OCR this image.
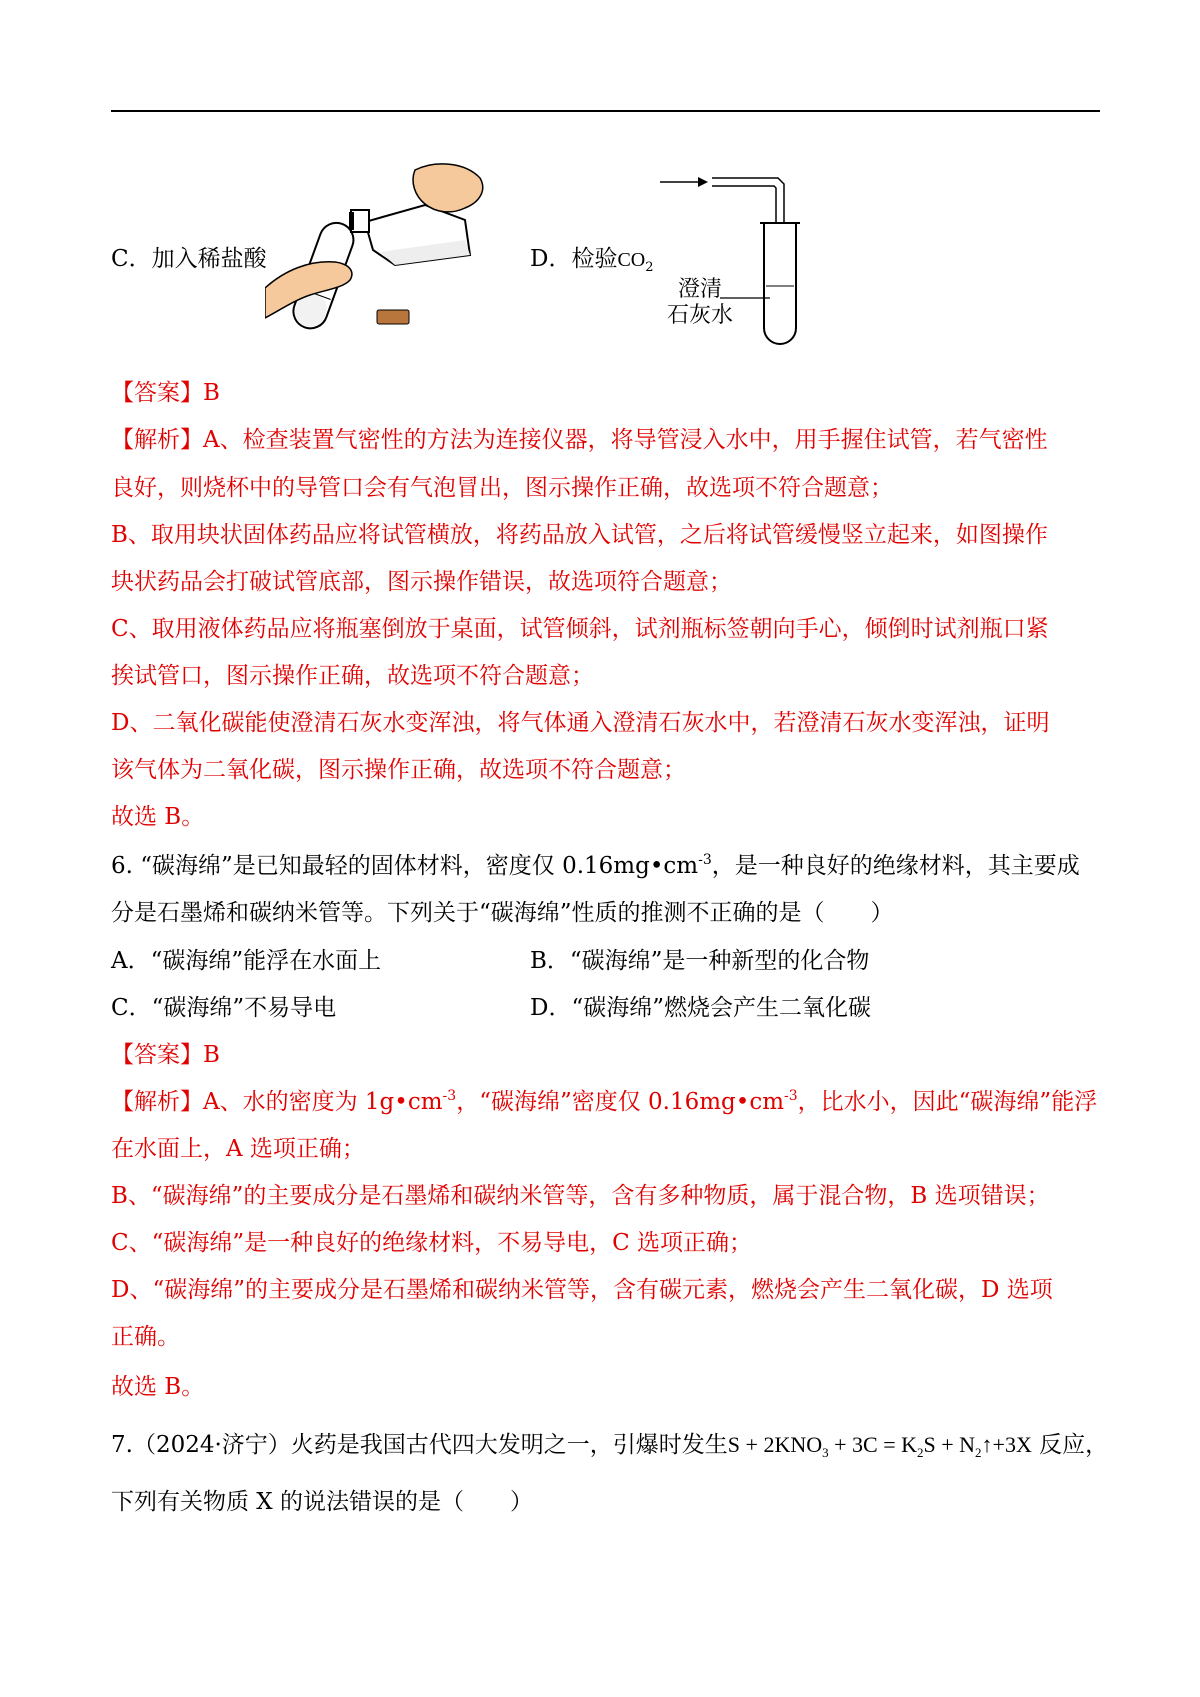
C．加入稀盐酸	D．检验$CO_2$
澄清
石灰水
【答案】B
【解析】A、检查装置气密性的方法为连接仪器，将导管浸入水中，用手握住试管，若气密性
良好，则烧杯中的导管口会有气泡冒出，图示操作正确，故选项不符合题意；
B、取用块状固体药品应将试管横放，将药品放入试管，之后将试管缓慢竖立起来，如图操作
块状药品会打破试管底部，图示操作错误，故选项符合题意；
C、取用液体药品应将瓶塞倒放于桌面，试管倾斜，试剂瓶标签朝向手心，倾倒时试剂瓶口紧
挨试管口，图示操作正确，故选项不符合题意；
D、二氧化碳能使澄清石灰水变浑浊，将气体通入澄清石灰水中，若澄清石灰水变浑浊，证明
该气体为二氧化碳，图示操作正确，故选项不符合题意；
故选 B。
6. “碳海绵”是已知最轻的固体材料，密度仅 $0.16mg•cm^{-3}$，是一种良好的绝缘材料，其主要成
分是石墨烯和碳纳米管等。下列关于“碳海绵”性质的推测不正确的是（　　）
A．“碳海绵”能浮在水面上	B．“碳海绵”是一种新型的化合物
C．“碳海绵”不易导电	D．“碳海绵”燃烧会产生二氧化碳
【答案】B
【解析】A、水的密度为 $1g•cm^{-3}$，“碳海绵”密度仅 $0.16mg•cm^{-3}$，比水小，因此“碳海绵”能浮
在水面上，A 选项正确；
B、“碳海绵”的主要成分是石墨烯和碳纳米管等，含有多种物质，属于混合物，B 选项错误；
C、“碳海绵”是一种良好的绝缘材料，不易导电，C 选项正确；
D、“碳海绵”的主要成分是石墨烯和碳纳米管等，含有碳元素，燃烧会产生二氧化碳，D 选项
正确。
故选 B。
7.（2024·济宁）火药是我国古代四大发明之一，引爆时发生$S + 2KNO_3 + 3C = K_2S$ + $N_2↑+3X$ 反应，
下列有关物质 X 的说法错误的是（　　）
